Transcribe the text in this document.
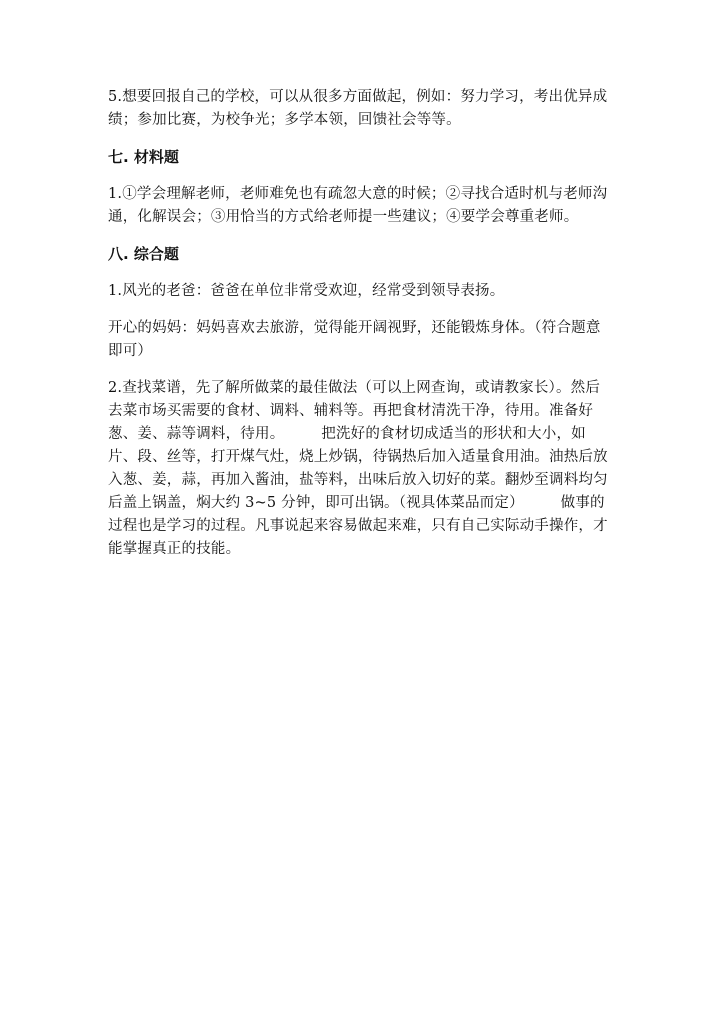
5.想要回报自己的学校，可以从很多方面做起，例如：努力学习，考出优异成
绩；参加比赛，为校争光；多学本领，回馈社会等等。
七. 材料题
1.①学会理解老师，老师难免也有疏忽大意的时候；②寻找合适时机与老师沟
通，化解误会；③用恰当的方式给老师提一些建议；④要学会尊重老师。
八. 综合题
1.风光的老爸：爸爸在单位非常受欢迎，经常受到领导表扬。
开心的妈妈：妈妈喜欢去旅游，觉得能开阔视野，还能锻炼身体。（符合题意
即可）
2.查找菜谱，先了解所做菜的最佳做法（可以上网查询，或请教家长）。然后
去菜市场买需要的食材、调料、辅料等。再把食材清洗干净，待用。准备好
葱、姜、蒜等调料，待用。　　　把洗好的食材切成适当的形状和大小，如
片、段、丝等，打开煤气灶，烧上炒锅，待锅热后加入适量食用油。油热后放
入葱、姜，蒜，再加入酱油，盐等料，出味后放入切好的菜。翻炒至调料均匀
后盖上锅盖，焖大约 3~5 分钟，即可出锅。（视具体菜品而定）　　　做事的
过程也是学习的过程。凡事说起来容易做起来难，只有自己实际动手操作，才
能掌握真正的技能。
